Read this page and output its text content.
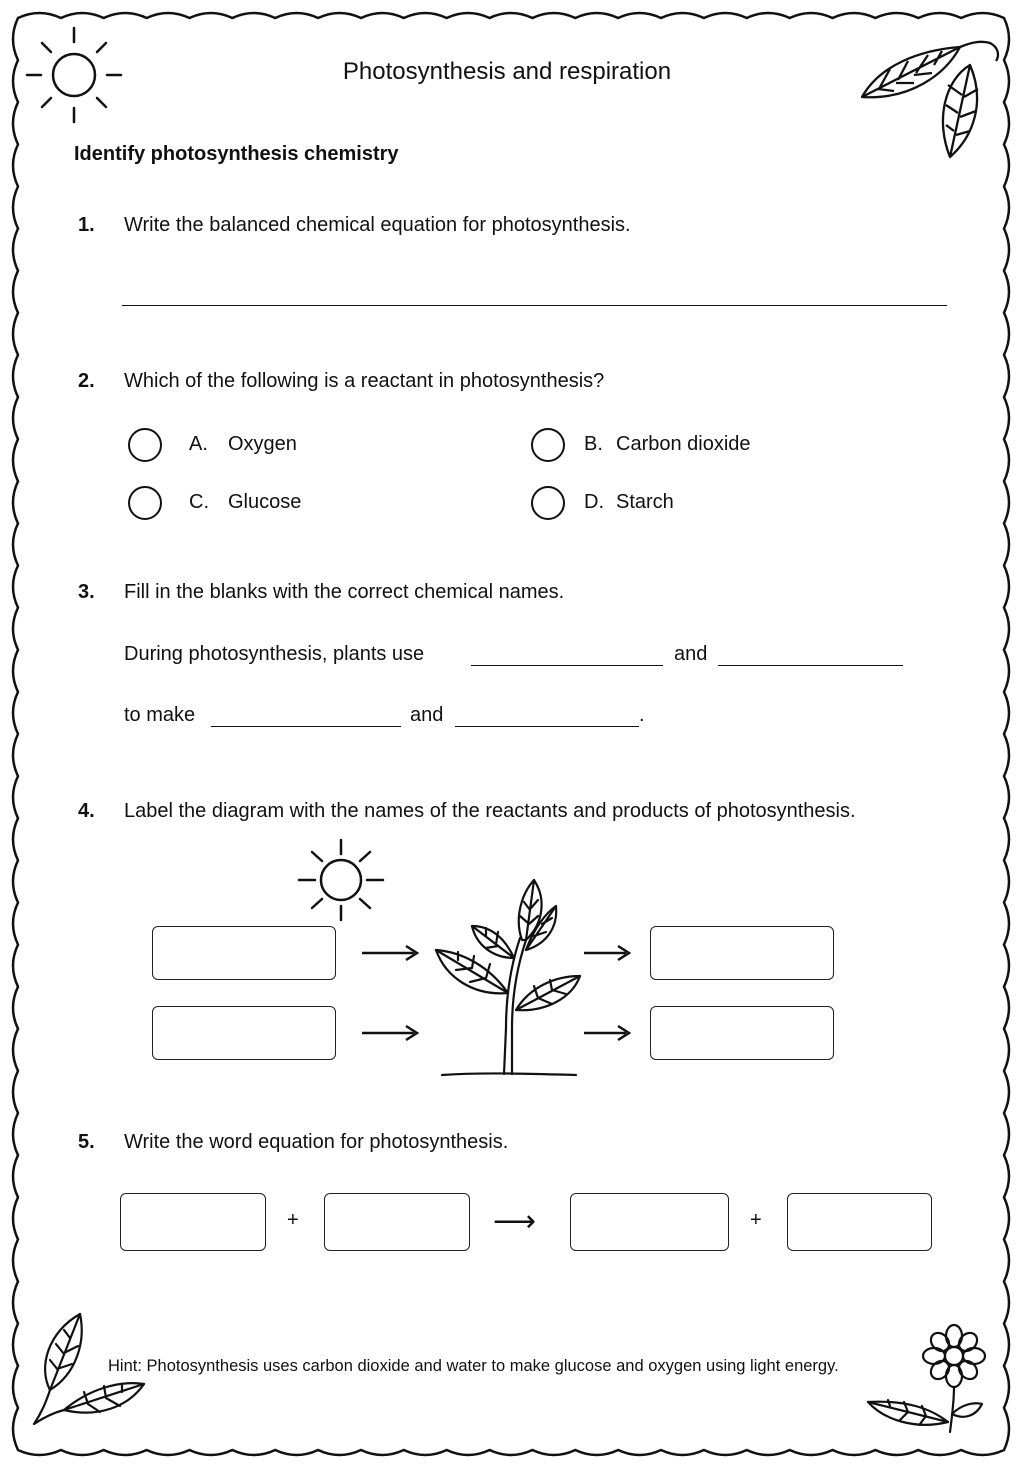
Photosynthesis and respiration
Identify photosynthesis chemistry
1.	Write the balanced chemical equation for photosynthesis.
2.	Which of the following is a reactant in photosynthesis?
A. Oxygen	B. Carbon dioxide
C. Glucose	D. Starch
3.	Fill in the blanks with the correct chemical names.
During photosynthesis, plants use	and
to make	and	.
4.	Label the diagram with the names of the reactants and products of photosynthesis.
5.	Write the word equation for photosynthesis.
+	⟶	+
Hint: Photosynthesis uses carbon dioxide and water to make glucose and oxygen using light energy.
